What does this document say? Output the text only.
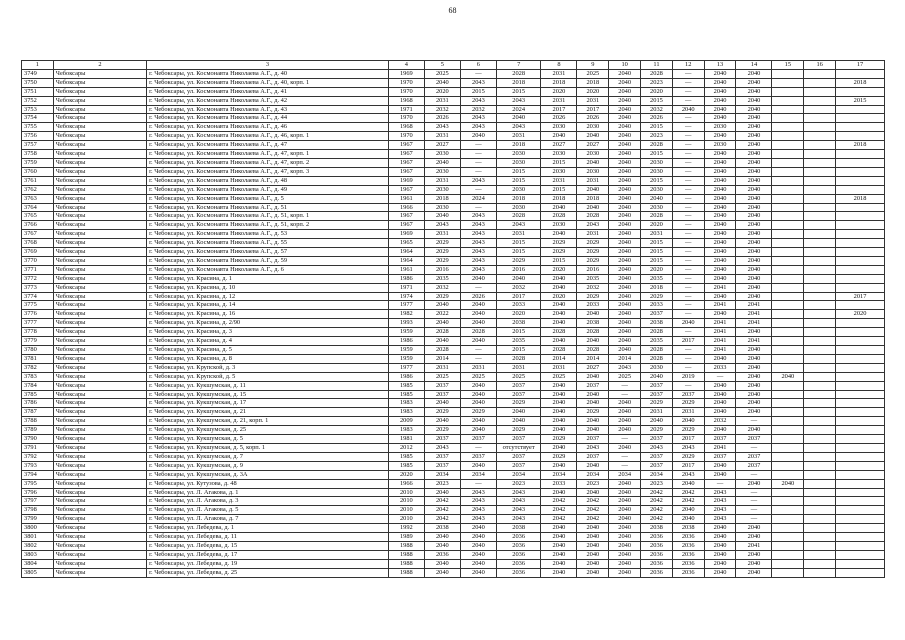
68
1	2	3	4	5	6	7	8	9	10	11	12	13	14	15	16	17
3749	Чебоксары	г. Чебоксары, ул. Космонавта Николаева А.Г., д. 40	1969	2025	—	2028	2031	2025	2040	2028	—	2040	2040			
3750	Чебоксары	г. Чебоксары, ул. Космонавта Николаева А.Г., д. 40, корп. 1	1970	2040	2043	2018	2018	2018	2040	2023	—	2040	2040			2018
3751	Чебоксары	г. Чебоксары, ул. Космонавта Николаева А.Г., д. 41	1970	2020	2015	2015	2020	2020	2040	2020	—	2040	2040			
3752	Чебоксары	г. Чебоксары, ул. Космонавта Николаева А.Г., д. 42	1968	2031	2043	2043	2031	2031	2040	2015	—	2040	2040			2015
3753	Чебоксары	г. Чебоксары, ул. Космонавта Николаева А.Г., д. 43	1971	2032	2032	2024	2017	2017	2040	2032	2040	2040	2040			
3754	Чебоксары	г. Чебоксары, ул. Космонавта Николаева А.Г., д. 44	1970	2026	2043	2040	2026	2026	2040	2026	—	2040	2040			
3755	Чебоксары	г. Чебоксары, ул. Космонавта Николаева А.Г., д. 46	1968	2043	2043	2043	2030	2030	2040	2015	—	2030	2040			
3756	Чебоксары	г. Чебоксары, ул. Космонавта Николаева А.Г., д. 46, корп. 1	1970	2031	2040	2031	2040	2040	2040	2023	—	2040	2040			
3757	Чебоксары	г. Чебоксары, ул. Космонавта Николаева А.Г., д. 47	1967	2027	—	2018	2027	2027	2040	2028	—	2030	2040			2018
3758	Чебоксары	г. Чебоксары, ул. Космонавта Николаева А.Г., д. 47, корп. 1	1967	2030	—	2030	2030	2030	2040	2015	—	2040	2040			
3759	Чебоксары	г. Чебоксары, ул. Космонавта Николаева А.Г., д. 47, корп. 2	1967	2040	—	2030	2015	2040	2040	2030	—	2040	2040			
3760	Чебоксары	г. Чебоксары, ул. Космонавта Николаева А.Г., д. 47, корп. 3	1967	2030	—	2015	2030	2030	2040	2030	—	2040	2040			
3761	Чебоксары	г. Чебоксары, ул. Космонавта Николаева А.Г., д. 48	1969	2031	2043	2015	2031	2031	2040	2015	—	2040	2040			
3762	Чебоксары	г. Чебоксары, ул. Космонавта Николаева А.Г., д. 49	1967	2030	—	2030	2015	2040	2040	2030	—	2040	2040			
3763	Чебоксары	г. Чебоксары, ул. Космонавта Николаева А.Г., д. 5	1961	2018	2024	2018	2018	2018	2040	2040	—	2040	2040			2018
3764	Чебоксары	г. Чебоксары, ул. Космонавта Николаева А.Г., д. 51	1966	2030	—	2030	2040	2040	2040	2030	—	2040	2040			
3765	Чебоксары	г. Чебоксары, ул. Космонавта Николаева А.Г., д. 51, корп. 1	1967	2040	2043	2028	2028	2028	2040	2028	—	2040	2040			
3766	Чебоксары	г. Чебоксары, ул. Космонавта Николаева А.Г., д. 51, корп. 2	1967	2043	2043	2043	2030	2043	2040	2020	—	2040	2040			
3767	Чебоксары	г. Чебоксары, ул. Космонавта Николаева А.Г., д. 53	1969	2031	2043	2031	2040	2031	2040	2031	—	2040	2040			
3768	Чебоксары	г. Чебоксары, ул. Космонавта Николаева А.Г., д. 55	1965	2029	2043	2015	2029	2029	2040	2015	—	2040	2040			
3769	Чебоксары	г. Чебоксары, ул. Космонавта Николаева А.Г., д. 57	1964	2029	2043	2015	2029	2029	2040	2015	—	2040	2040			
3770	Чебоксары	г. Чебоксары, ул. Космонавта Николаева А.Г., д. 59	1964	2029	2043	2029	2015	2029	2040	2015	—	2040	2040			
3771	Чебоксары	г. Чебоксары, ул. Космонавта Николаева А.Г., д. 6	1961	2016	2043	2016	2020	2016	2040	2020	—	2040	2040			
3772	Чебоксары	г. Чебоксары, ул. Красина, д. 1	1986	2035	2040	2040	2040	2035	2040	2035	—	2040	2040			
3773	Чебоксары	г. Чебоксары, ул. Красина, д. 10	1971	2032	—	2032	2040	2032	2040	2018	—	2041	2040			
3774	Чебоксары	г. Чебоксары, ул. Красина, д. 12	1974	2029	2026	2017	2020	2029	2040	2029	—	2040	2040			2017
3775	Чебоксары	г. Чебоксары, ул. Красина, д. 14	1977	2040	2040	2033	2040	2033	2040	2033	—	2041	2041			
3776	Чебоксары	г. Чебоксары, ул. Красина, д. 16	1982	2022	2040	2020	2040	2040	2040	2037	—	2040	2041			2020
3777	Чебоксары	г. Чебоксары, ул. Красина, д. 2/90	1993	2040	2040	2038	2040	2038	2040	2038	2040	2041	2041			
3778	Чебоксары	г. Чебоксары, ул. Красина, д. 3	1959	2028	2028	2015	2028	2028	2040	2028	—	2041	2040			
3779	Чебоксары	г. Чебоксары, ул. Красина, д. 4	1986	2040	2040	2035	2040	2040	2040	2035	2017	2041	2041			
3780	Чебоксары	г. Чебоксары, ул. Красина, д. 5	1959	2028	—	2015	2028	2028	2040	2028	—	2041	2040			
3781	Чебоксары	г. Чебоксары, ул. Красина, д. 8	1959	2014	—	2028	2014	2014	2014	2028	—	2040	2040			
3782	Чебоксары	г. Чебоксары, ул. Крупской, д. 3	1977	2031	2031	2031	2031	2027	2043	2030	—	2033	2040			
3783	Чебоксары	г. Чебоксары, ул. Крупской, д. 5	1986	2025	2025	2025	2025	2040	2025	2040	2019	—	2040	2040		
3784	Чебоксары	г. Чебоксары, ул. Кукшумская, д. 11	1985	2037	2040	2037	2040	2037	—	2037	—	2040	2040			
3785	Чебоксары	г. Чебоксары, ул. Кукшумская, д. 15	1985	2037	2040	2037	2040	2040	—	2037	2037	2040	2040			
3786	Чебоксары	г. Чебоксары, ул. Кукшумская, д. 17	1983	2040	2040	2029	2040	2040	2040	2029	2029	2040	2040			
3787	Чебоксары	г. Чебоксары, ул. Кукшумская, д. 21	1983	2029	2029	2040	2040	2029	2040	2031	2031	2040	2040			
3788	Чебоксары	г. Чебоксары, ул. Кукшумская, д. 21, корп. 1	2009	2040	2040	2040	2040	2040	2040	2040	2040	2032	—			
3789	Чебоксары	г. Чебоксары, ул. Кукшумская, д. 25	1983	2029	2040	2029	2040	2040	2040	2029	2029	2040	2040			
3790	Чебоксары	г. Чебоксары, ул. Кукшумская, д. 5	1981	2037	2037	2037	2029	2037	—	2037	2017	2037	2037			
3791	Чебоксары	г. Чебоксары, ул. Кукшумская, д. 5, корп. 1	2012	2043	—	отсутствует	2040	2043	2040	2043	2043	2041	—			
3792	Чебоксары	г. Чебоксары, ул. Кукшумская, д. 7	1985	2037	2037	2037	2029	2037	—	2037	2029	2037	2037			
3793	Чебоксары	г. Чебоксары, ул. Кукшумская, д. 9	1985	2037	2040	2037	2040	2040	—	2037	2017	2040	2037			
3794	Чебоксары	г. Чебоксары, ул. Кукшумская, д. 3А	2020	2034	2034	2034	2034	2034	2034	2034	2043	2040	—			
3795	Чебоксары	г. Чебоксары, ул. Кутузова, д. 48	1966	2023	—	2023	2033	2023	2040	2023	2040	—	2040	2040		
3796	Чебоксары	г. Чебоксары, ул. Л. Агакова, д. 1	2010	2040	2043	2043	2040	2040	2040	2042	2042	2043	—			
3797	Чебоксары	г. Чебоксары, ул. Л. Агакова, д. 3	2010	2042	2043	2043	2042	2042	2040	2042	2042	2043	—			
3798	Чебоксары	г. Чебоксары, ул. Л. Агакова, д. 5	2010	2042	2043	2043	2042	2042	2040	2042	2040	2043	—			
3799	Чебоксары	г. Чебоксары, ул. Л. Агакова, д. 7	2010	2042	2043	2043	2042	2042	2040	2042	2040	2043	—			
3800	Чебоксары	г. Чебоксары, ул. Лебедева, д. 1	1992	2038	2040	2038	2040	2040	2040	2038	2038	2040	2040			
3801	Чебоксары	г. Чебоксары, ул. Лебедева, д. 11	1989	2040	2040	2036	2040	2040	2040	2036	2036	2040	2040			
3802	Чебоксары	г. Чебоксары, ул. Лебедева, д. 15	1988	2040	2040	2036	2040	2040	2040	2036	2036	2040	2041			
3803	Чебоксары	г. Чебоксары, ул. Лебедева, д. 17	1988	2036	2040	2036	2040	2040	2040	2036	2036	2040	2040			
3804	Чебоксары	г. Чебоксары, ул. Лебедева, д. 19	1988	2040	2040	2036	2040	2040	2040	2036	2036	2040	2040			
3805	Чебоксары	г. Чебоксары, ул. Лебедева, д. 25	1988	2040	2040	2036	2040	2040	2040	2036	2036	2040	2040			
